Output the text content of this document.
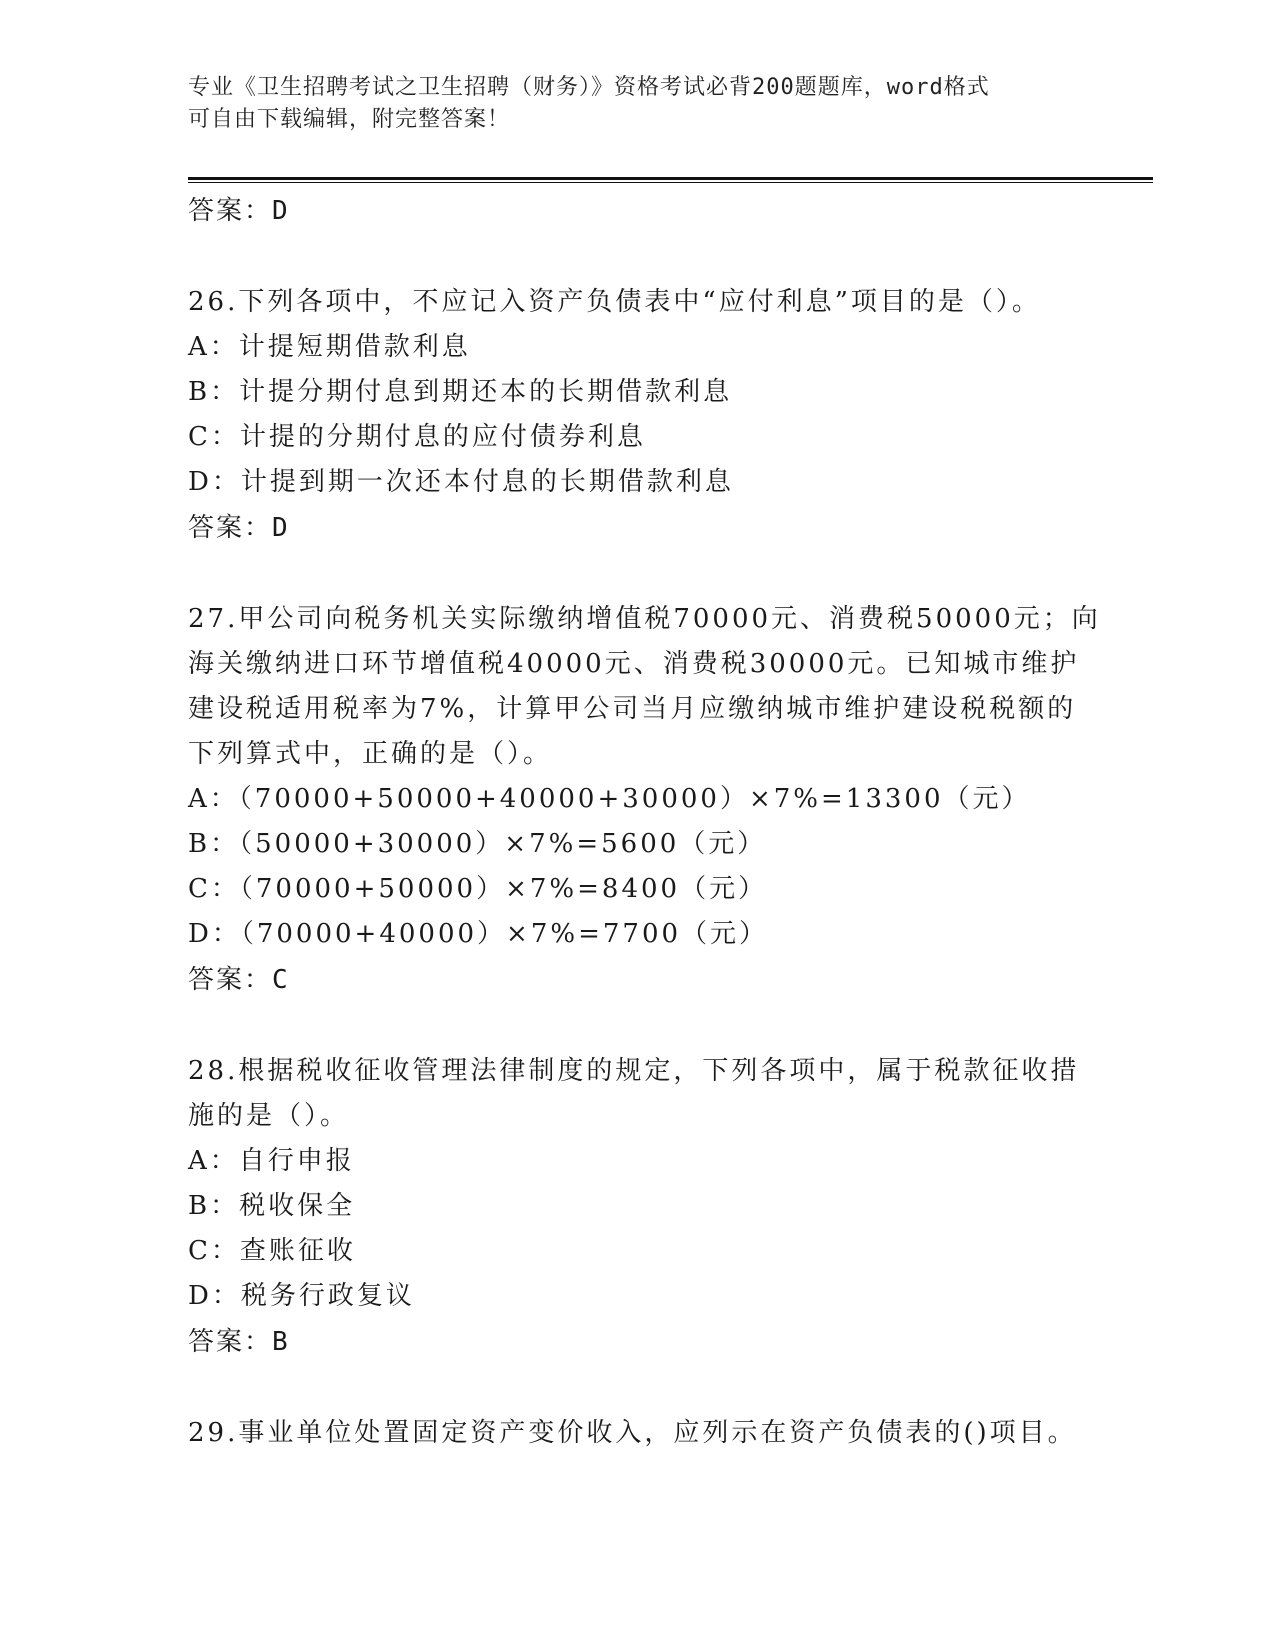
专业《卫生招聘考试之卫生招聘（财务）》资格考试必背200题题库，word格式
可自由下载编辑，附完整答案！
答案：D
26.下列各项中，不应记入资产负债表中“应付利息”项目的是（）。
A：计提短期借款利息
B：计提分期付息到期还本的长期借款利息
C：计提的分期付息的应付债券利息
D：计提到期一次还本付息的长期借款利息
答案：D
27.甲公司向税务机关实际缴纳增值税70000元、消费税50000元；向
海关缴纳进口环节增值税40000元、消费税30000元。已知城市维护
建设税适用税率为7%，计算甲公司当月应缴纳城市维护建设税税额的
下列算式中，正确的是（）。
A：（70000+50000+40000+30000）×7%=13300（元）
B：（50000+30000）×7%=5600（元）
C：（70000+50000）×7%=8400（元）
D：（70000+40000）×7%=7700（元）
答案：C
28.根据税收征收管理法律制度的规定，下列各项中，属于税款征收措
施的是（）。
A：自行申报
B：税收保全
C：查账征收
D：税务行政复议
答案：B
29.事业单位处置固定资产变价收入，应列示在资产负债表的()项目。
